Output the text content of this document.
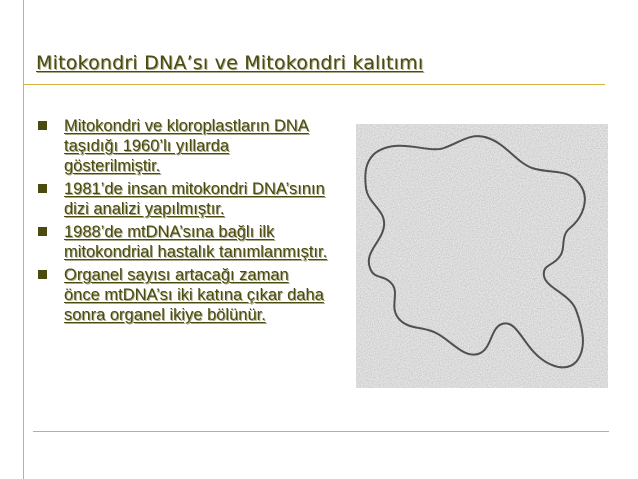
Mitokondri DNA’sı ve Mitokondri kalıtımı
Mitokondri ve kloroplastların DNA taşıdığı 1960’lı yıllarda gösterilmiştir.
1981’de insan mitokondri DNA’sının dizi analizi yapılmıştır.
1988’de mtDNA’sına bağlı ilk mitokondrial hastalık tanımlanmıştır.
Organel sayısı artacağı zaman önce mtDNA’sı iki katına çıkar daha sonra organel ikiye bölünür.
